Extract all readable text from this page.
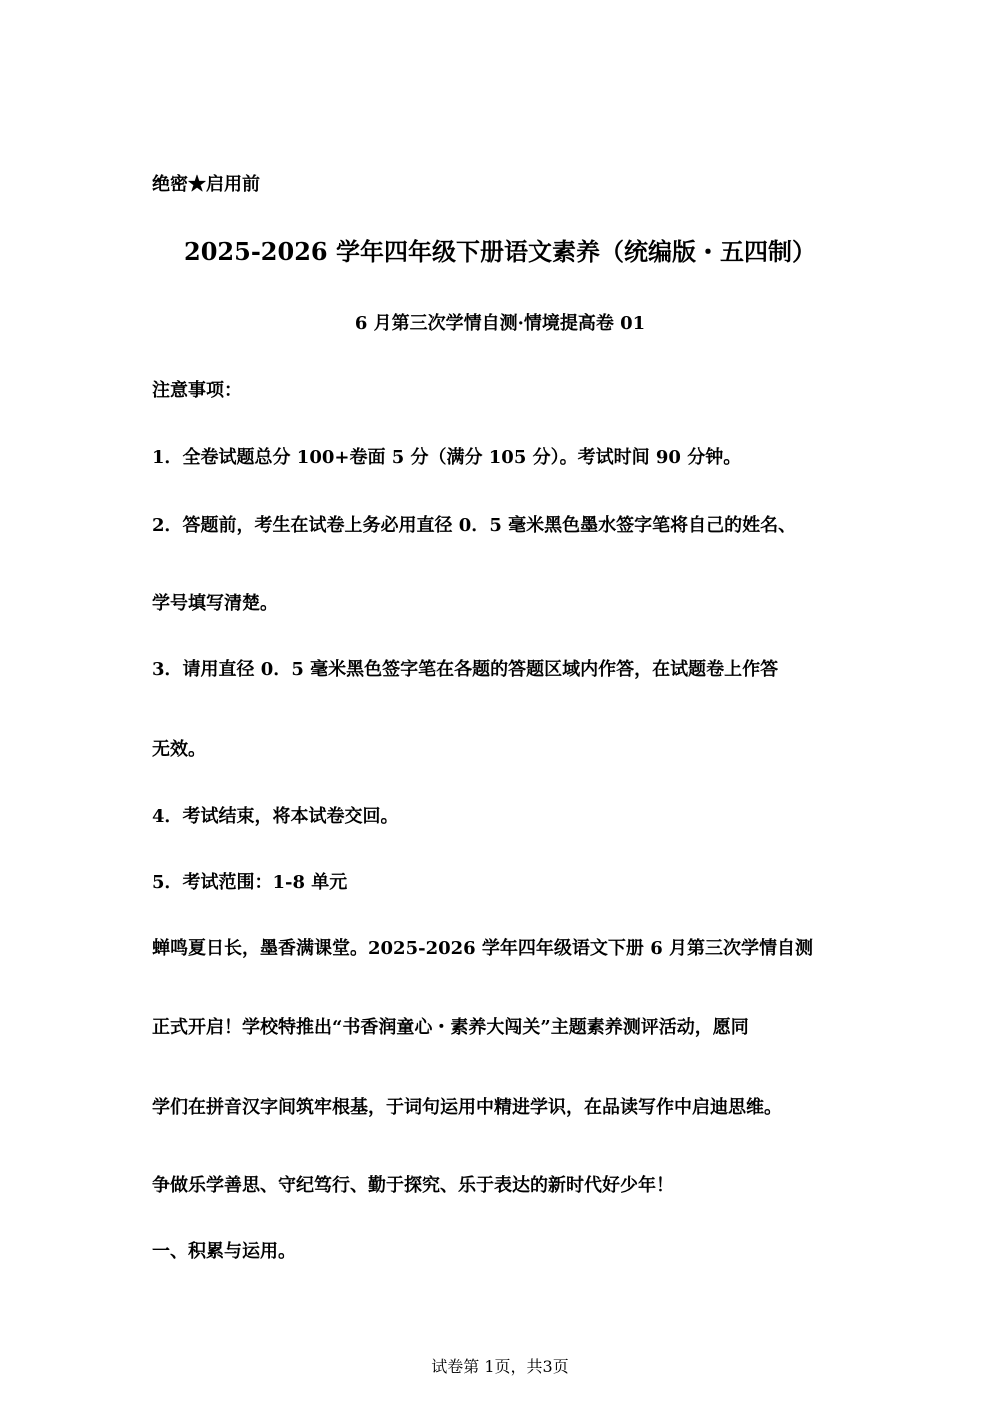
绝密★启用前
2025-2026 学年四年级下册语文素养（统编版・五四制）
6 月第三次学情自测·情境提高卷 01
注意事项：
1．全卷试题总分 100+卷面 5 分（满分 105 分）。考试时间 90 分钟。
2．答题前，考生在试卷上务必用直径 0．5 毫米黑色墨水签字笔将自己的姓名、
学号填写清楚。
3．请用直径 0．5 毫米黑色签字笔在各题的答题区域内作答，在试题卷上作答
无效。
4．考试结束，将本试卷交回。
5．考试范围：1-8 单元
蝉鸣夏日长，墨香满课堂。2025-2026 学年四年级语文下册 6 月第三次学情自测
正式开启！学校特推出“书香润童心・素养大闯关”主题素养测评活动，愿同
学们在拼音汉字间筑牢根基，于词句运用中精进学识，在品读写作中启迪思维。
争做乐学善思、守纪笃行、勤于探究、乐于表达的新时代好少年！
一、积累与运用。
试卷第 1页，共3页
